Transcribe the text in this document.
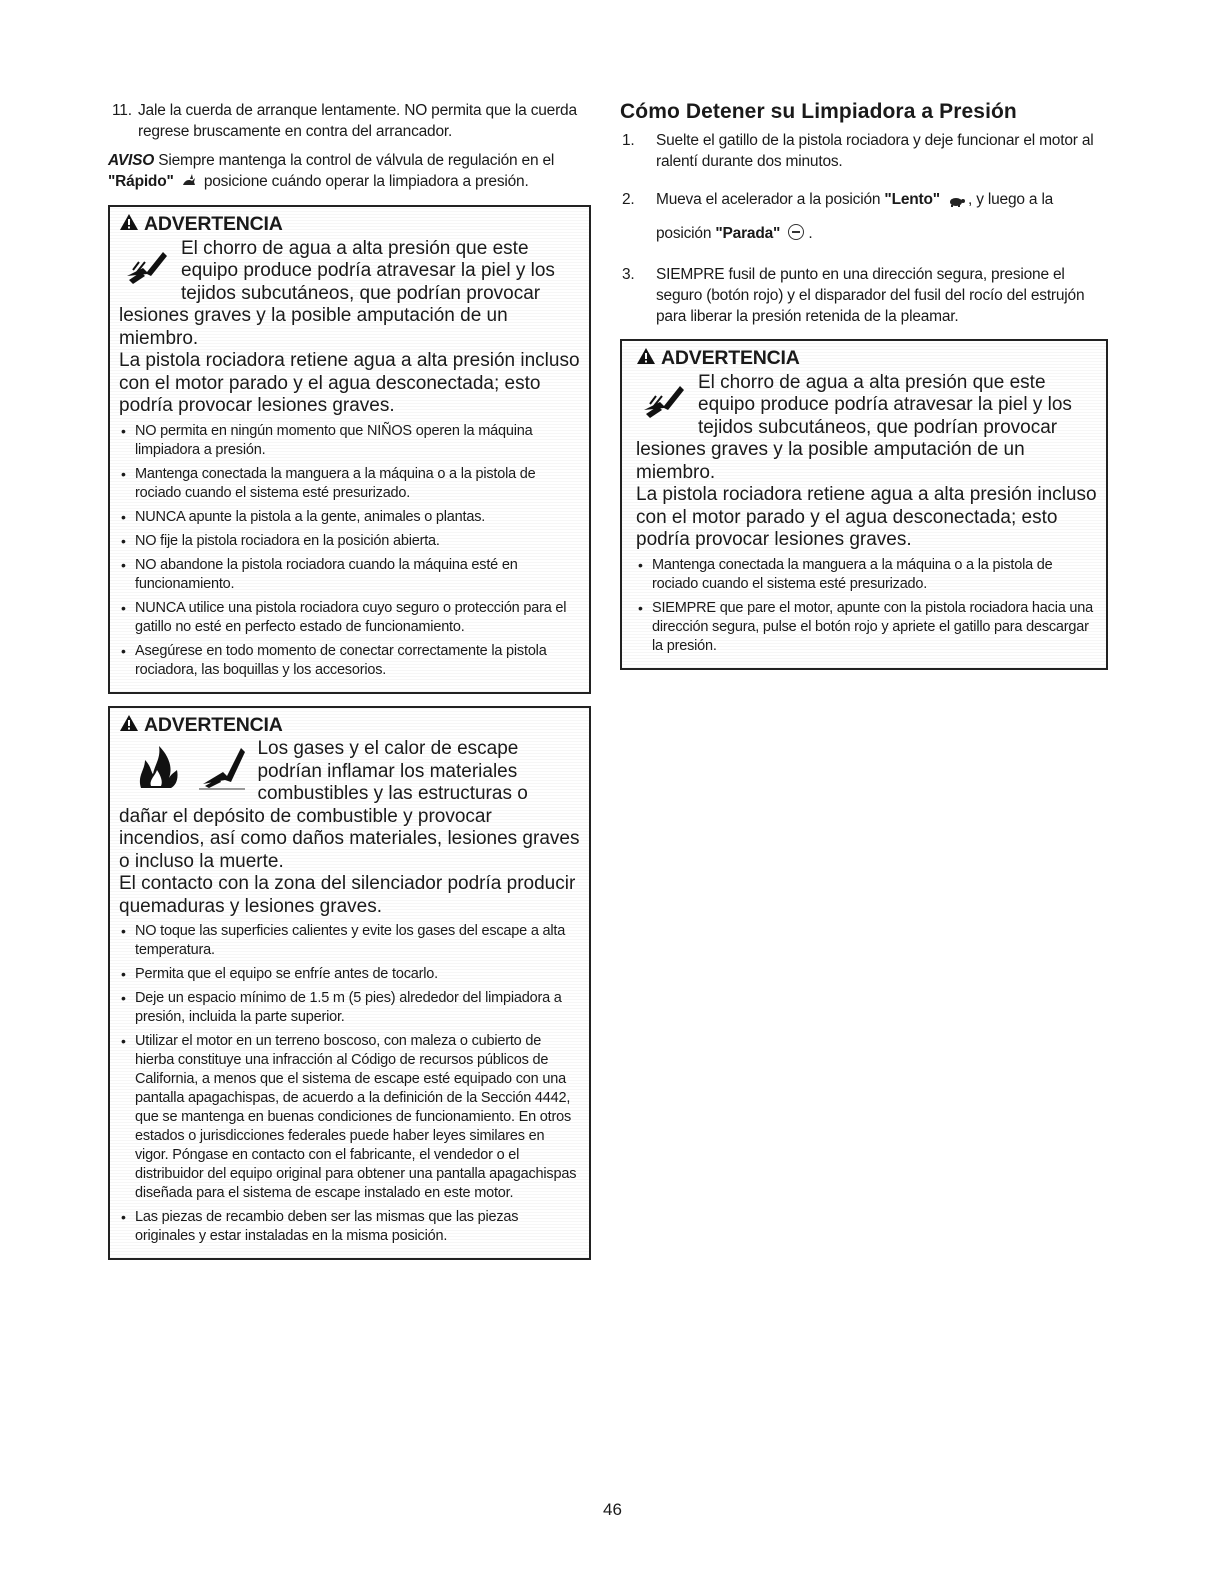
11. Jale la cuerda de arranque lentamente. NO permita que la cuerda regrese bruscamente en contra del arrancador.
AVISO Siempre mantenga la control de válvula de regulación en el "Rápido" posicione cuándo operar la limpiadora a presión.
ADVERTENCIA
El chorro de agua a alta presión que este equipo produce podría atravesar la piel y los tejidos subcutáneos, que podrían provocar lesiones graves y la posible amputación de un miembro.
La pistola rociadora retiene agua a alta presión incluso con el motor parado y el agua desconectada; esto podría provocar lesiones graves.
• NO permita en ningún momento que NIÑOS operen la máquina limpiadora a presión.
• Mantenga conectada la manguera a la máquina o a la pistola de rociado cuando el sistema esté presurizado.
• NUNCA apunte la pistola a la gente, animales o plantas.
• NO fije la pistola rociadora en la posición abierta.
• NO abandone la pistola rociadora cuando la máquina esté en funcionamiento.
• NUNCA utilice una pistola rociadora cuyo seguro o protección para el gatillo no esté en perfecto estado de funcionamiento.
• Asegúrese en todo momento de conectar correctamente la pistola rociadora, las boquillas y los accesorios.
ADVERTENCIA

Los gases y el calor de escape podrían inflamar los materiales combustibles y las estructuras o dañar el depósito de combustible y provocar incendios, así como daños materiales, lesiones graves o incluso la muerte.
El contacto con la zona del silenciador podría producir quemaduras y lesiones graves.
• NO toque las superficies calientes y evite los gases del escape a alta temperatura.
• Permita que el equipo se enfríe antes de tocarlo.
• Deje un espacio mínimo de 1.5 m (5 pies) alrededor del limpiadora a presión, incluida la parte superior.
• Utilizar el motor en un terreno boscoso, con maleza o cubierto de hierba constituye una infracción al Código de recursos públicos de California, a menos que el sistema de escape esté equipado con una pantalla apagachispas, de acuerdo a la definición de la Sección 4442, que se mantenga en buenas condiciones de funcionamiento. En otros estados o jurisdicciones federales puede haber leyes similares en vigor. Póngase en contacto con el fabricante, el vendedor o el distribuidor del equipo original para obtener una pantalla apagachispas diseñada para el sistema de escape instalado en este motor.
• Las piezas de recambio deben ser las mismas que las piezas originales y estar instaladas en la misma posición.
Cómo Detener su Limpiadora a Presión
1. Suelte el gatillo de la pistola rociadora y deje funcionar el motor al ralentí durante dos minutos.
2. Mueva el acelerador a la posición "Lento" , y luego a la posición "Parada" .
3. SIEMPRE fusil de punto en una dirección segura, presione el seguro (botón rojo) y el disparador del fusil del rocío del estrujón para liberar la presión retenida de la pleamar.
ADVERTENCIA
El chorro de agua a alta presión que este equipo produce podría atravesar la piel y los tejidos subcutáneos, que podrían provocar lesiones graves y la posible amputación de un miembro.
La pistola rociadora retiene agua a alta presión incluso con el motor parado y el agua desconectada; esto podría provocar lesiones graves.
• Mantenga conectada la manguera a la máquina o a la pistola de rociado cuando el sistema esté presurizado.
• SIEMPRE que pare el motor, apunte con la pistola rociadora hacia una dirección segura, pulse el botón rojo y apriete el gatillo para descargar la presión.
46
